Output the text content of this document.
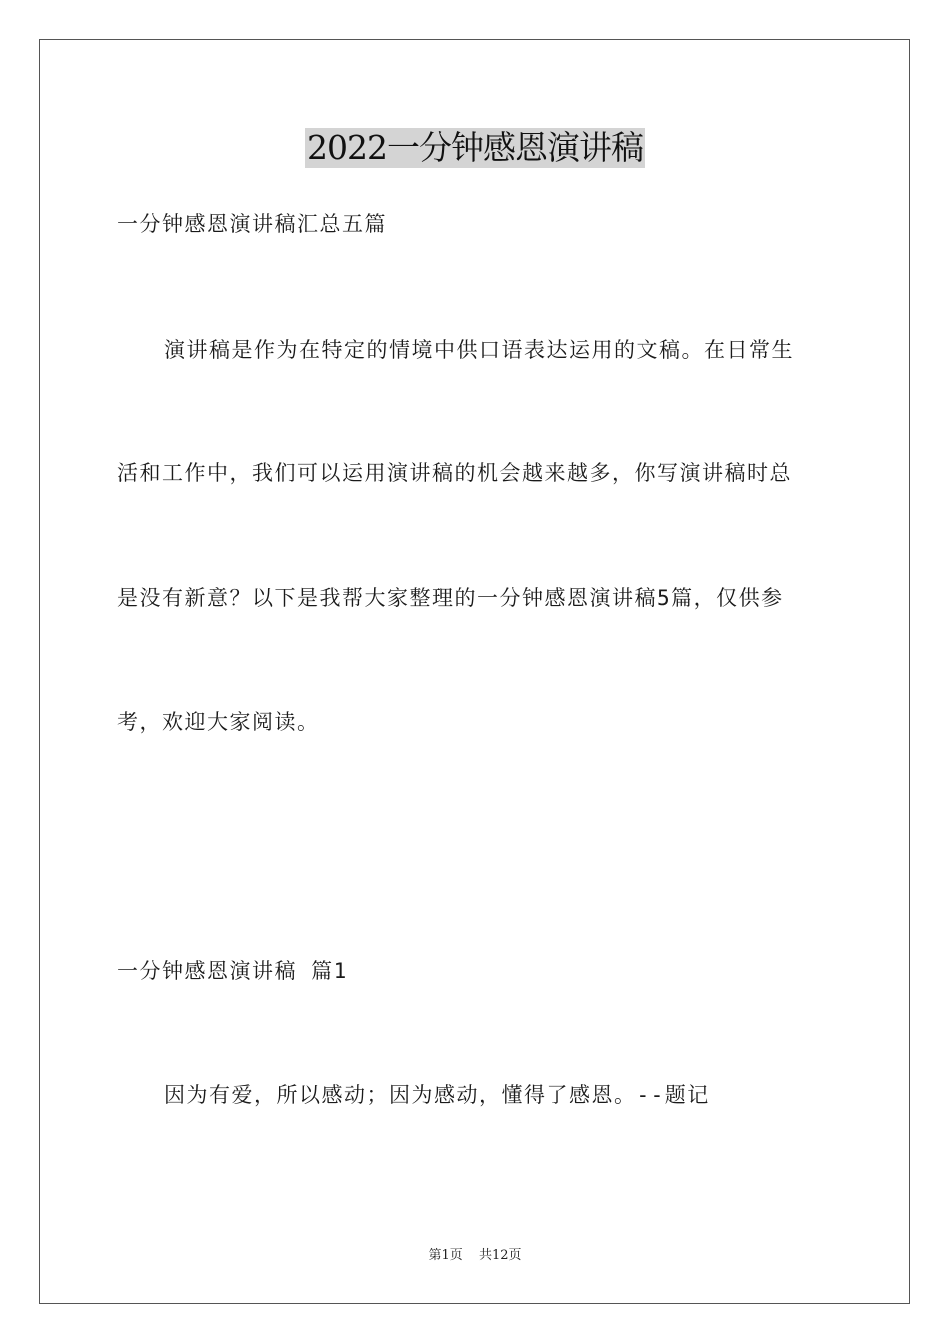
2022一分钟感恩演讲稿
一分钟感恩演讲稿汇总五篇
演讲稿是作为在特定的情境中供口语表达运用的文稿。在日常生
活和工作中，我们可以运用演讲稿的机会越来越多，你写演讲稿时总
是没有新意？以下是我帮大家整理的一分钟感恩演讲稿5篇，仅供参
考，欢迎大家阅读。
一分钟感恩演讲稿 篇1
因为有爱，所以感动；因为感动，懂得了感恩。--题记
第1页 共12页
